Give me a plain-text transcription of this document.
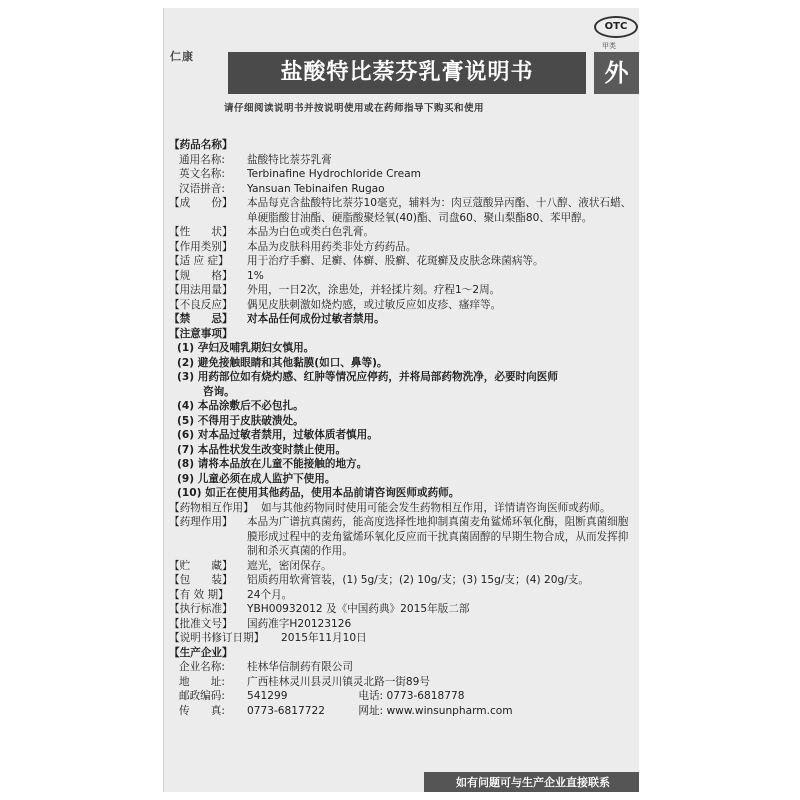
仁康
OTC
甲类
盐酸特比萘芬乳膏说明书	外
请仔细阅读说明书并按说明使用或在药师指导下购买和使用
【药品名称】
通用名称:	盐酸特比萘芬乳膏
英文名称:	Terbinafine Hydrochloride Cream
汉语拼音:	Yansuan Tebinaifen Rugao
【成　　份】	本品每克含盐酸特比萘芬10毫克，辅料为：肉豆蔻酸异丙酯、十八醇、液状石蜡、单硬脂酸甘油酯、硬脂酸聚烃氧(40)酯、司盘60、聚山梨酯80、苯甲醇。
【性　　状】	本品为白色或类白色乳膏。
【作用类别】	本品为皮肤科用药类非处方药药品。
【适 应 症】	用于治疗手癣、足癣、体癣、股癣、花斑癣及皮肤念珠菌病等。
【规　　格】	1%
【用法用量】	外用，一日2次，涂患处，并轻揉片刻。疗程1～2周。
【不良反应】	偶见皮肤刺激如烧灼感，或过敏反应如皮疹、瘙痒等。
【禁　　忌】	对本品任何成份过敏者禁用。
【注意事项】
(1) 孕妇及哺乳期妇女慎用。
(2) 避免接触眼睛和其他黏膜(如口、鼻等)。
(3) 用药部位如有烧灼感、红肿等情况应停药，并将局部药物洗净，必要时向医师
咨询。
(4) 本品涂敷后不必包扎。
(5) 不得用于皮肤破溃处。
(6) 对本品过敏者禁用，过敏体质者慎用。
(7) 本品性状发生改变时禁止使用。
(8) 请将本品放在儿童不能接触的地方。
(9) 儿童必须在成人监护下使用。
(10) 如正在使用其他药品，使用本品前请咨询医师或药师。
【药物相互作用】 如与其他药物同时使用可能会发生药物相互作用，详情请咨询医师或药师。
【药理作用】	本品为广谱抗真菌药，能高度选择性地抑制真菌麦角鲨烯环氧化酶，阻断真菌细胞膜形成过程中的麦角鲨烯环氧化反应而干扰真菌固醇的早期生物合成，从而发挥抑制和杀灭真菌的作用。
【贮　　藏】	遮光，密闭保存。
【包　　装】	铝质药用软膏管装，(1) 5g/支；(2) 10g/支；(3) 15g/支；(4) 20g/支。
【有 效 期】	24个月。
【执行标准】	YBH00932012 及《中国药典》2015年版二部
【批准文号】	国药准字H20123126
【说明书修订日期】	2015年11月10日
【生产企业】
企业名称:	桂林华信制药有限公司
地　　址:	广西桂林灵川县灵川镇灵北路一街89号
邮政编码:	541299	电话: 0773-6818778
传　　真:	0773-6817722	网址: www.winsunpharm.com
如有问题可与生产企业直接联系
